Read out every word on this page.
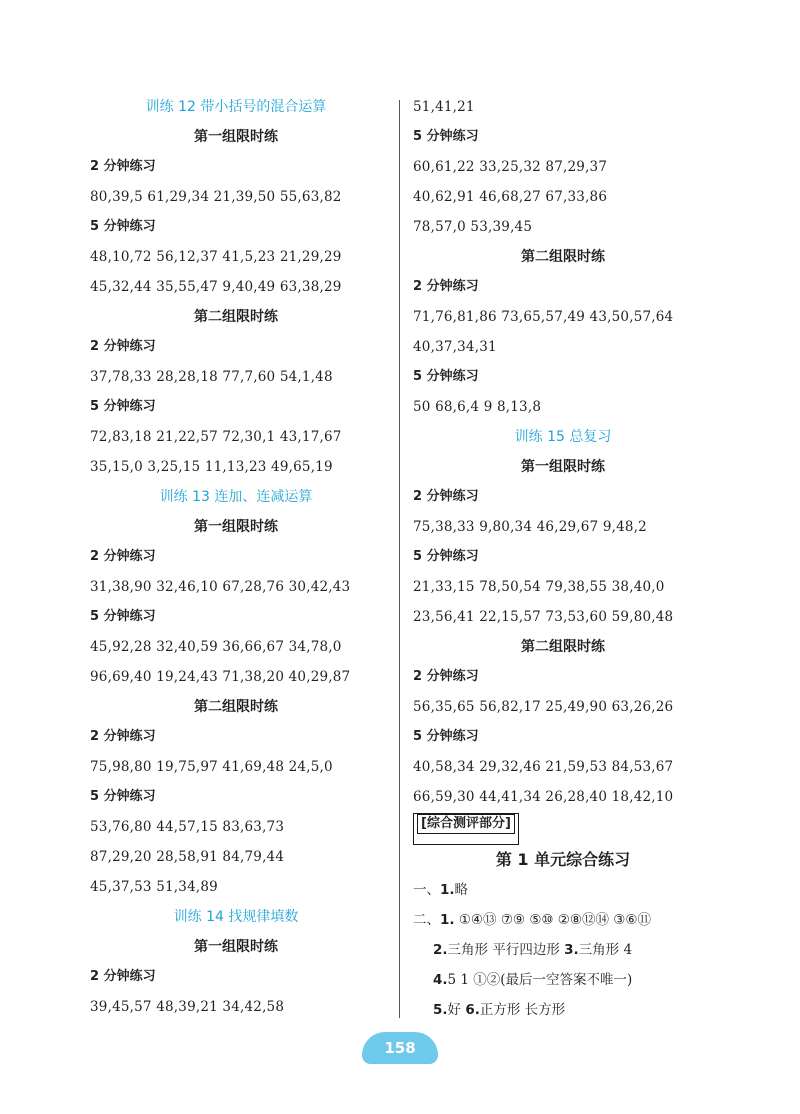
训练 12 带小括号的混合运算
第一组限时练
2 分钟练习
80,39,5 61,29,34 21,39,50 55,63,82
5 分钟练习
48,10,72 56,12,37 41,5,23 21,29,29
45,32,44 35,55,47 9,40,49 63,38,29
第二组限时练
2 分钟练习
37,78,33 28,28,18 77,7,60 54,1,48
5 分钟练习
72,83,18 21,22,57 72,30,1 43,17,67
35,15,0 3,25,15 11,13,23 49,65,19
训练 13 连加、连减运算
第一组限时练
2 分钟练习
31,38,90 32,46,10 67,28,76 30,42,43
5 分钟练习
45,92,28 32,40,59 36,66,67 34,78,0
96,69,40 19,24,43 71,38,20 40,29,87
第二组限时练
2 分钟练习
75,98,80 19,75,97 41,69,48 24,5,0
5 分钟练习
53,76,80 44,57,15 83,63,73
87,29,20 28,58,91 84,79,44
45,37,53 51,34,89
训练 14 找规律填数
第一组限时练
2 分钟练习
39,45,57 48,39,21 34,42,58
51,41,21
5 分钟练习
60,61,22 33,25,32 87,29,37
40,62,91 46,68,27 67,33,86
78,57,0 53,39,45
第二组限时练
2 分钟练习
71,76,81,86 73,65,57,49 43,50,57,64
40,37,34,31
5 分钟练习
50 68,6,4 9 8,13,8
训练 15 总复习
第一组限时练
2 分钟练习
75,38,33 9,80,34 46,29,67 9,48,2
5 分钟练习
21,33,15 78,50,54 79,38,55 38,40,0
23,56,41 22,15,57 73,53,60 59,80,48
第二组限时练
2 分钟练习
56,35,65 56,82,17 25,49,90 63,26,26
5 分钟练习
40,58,34 29,32,46 21,59,53 84,53,67
66,59,30 44,41,34 26,28,40 18,42,10
[综合测评部分]
第 1 单元综合练习
一、1.略
二、1. ①④⑬ ⑦⑨ ⑤⑩ ②⑧⑫⑭ ③⑥⑪
2.三角形 平行四边形 3.三角形 4
4.5 1 ①②(最后一空答案不唯一)
5.好 6.正方形 长方形
158
